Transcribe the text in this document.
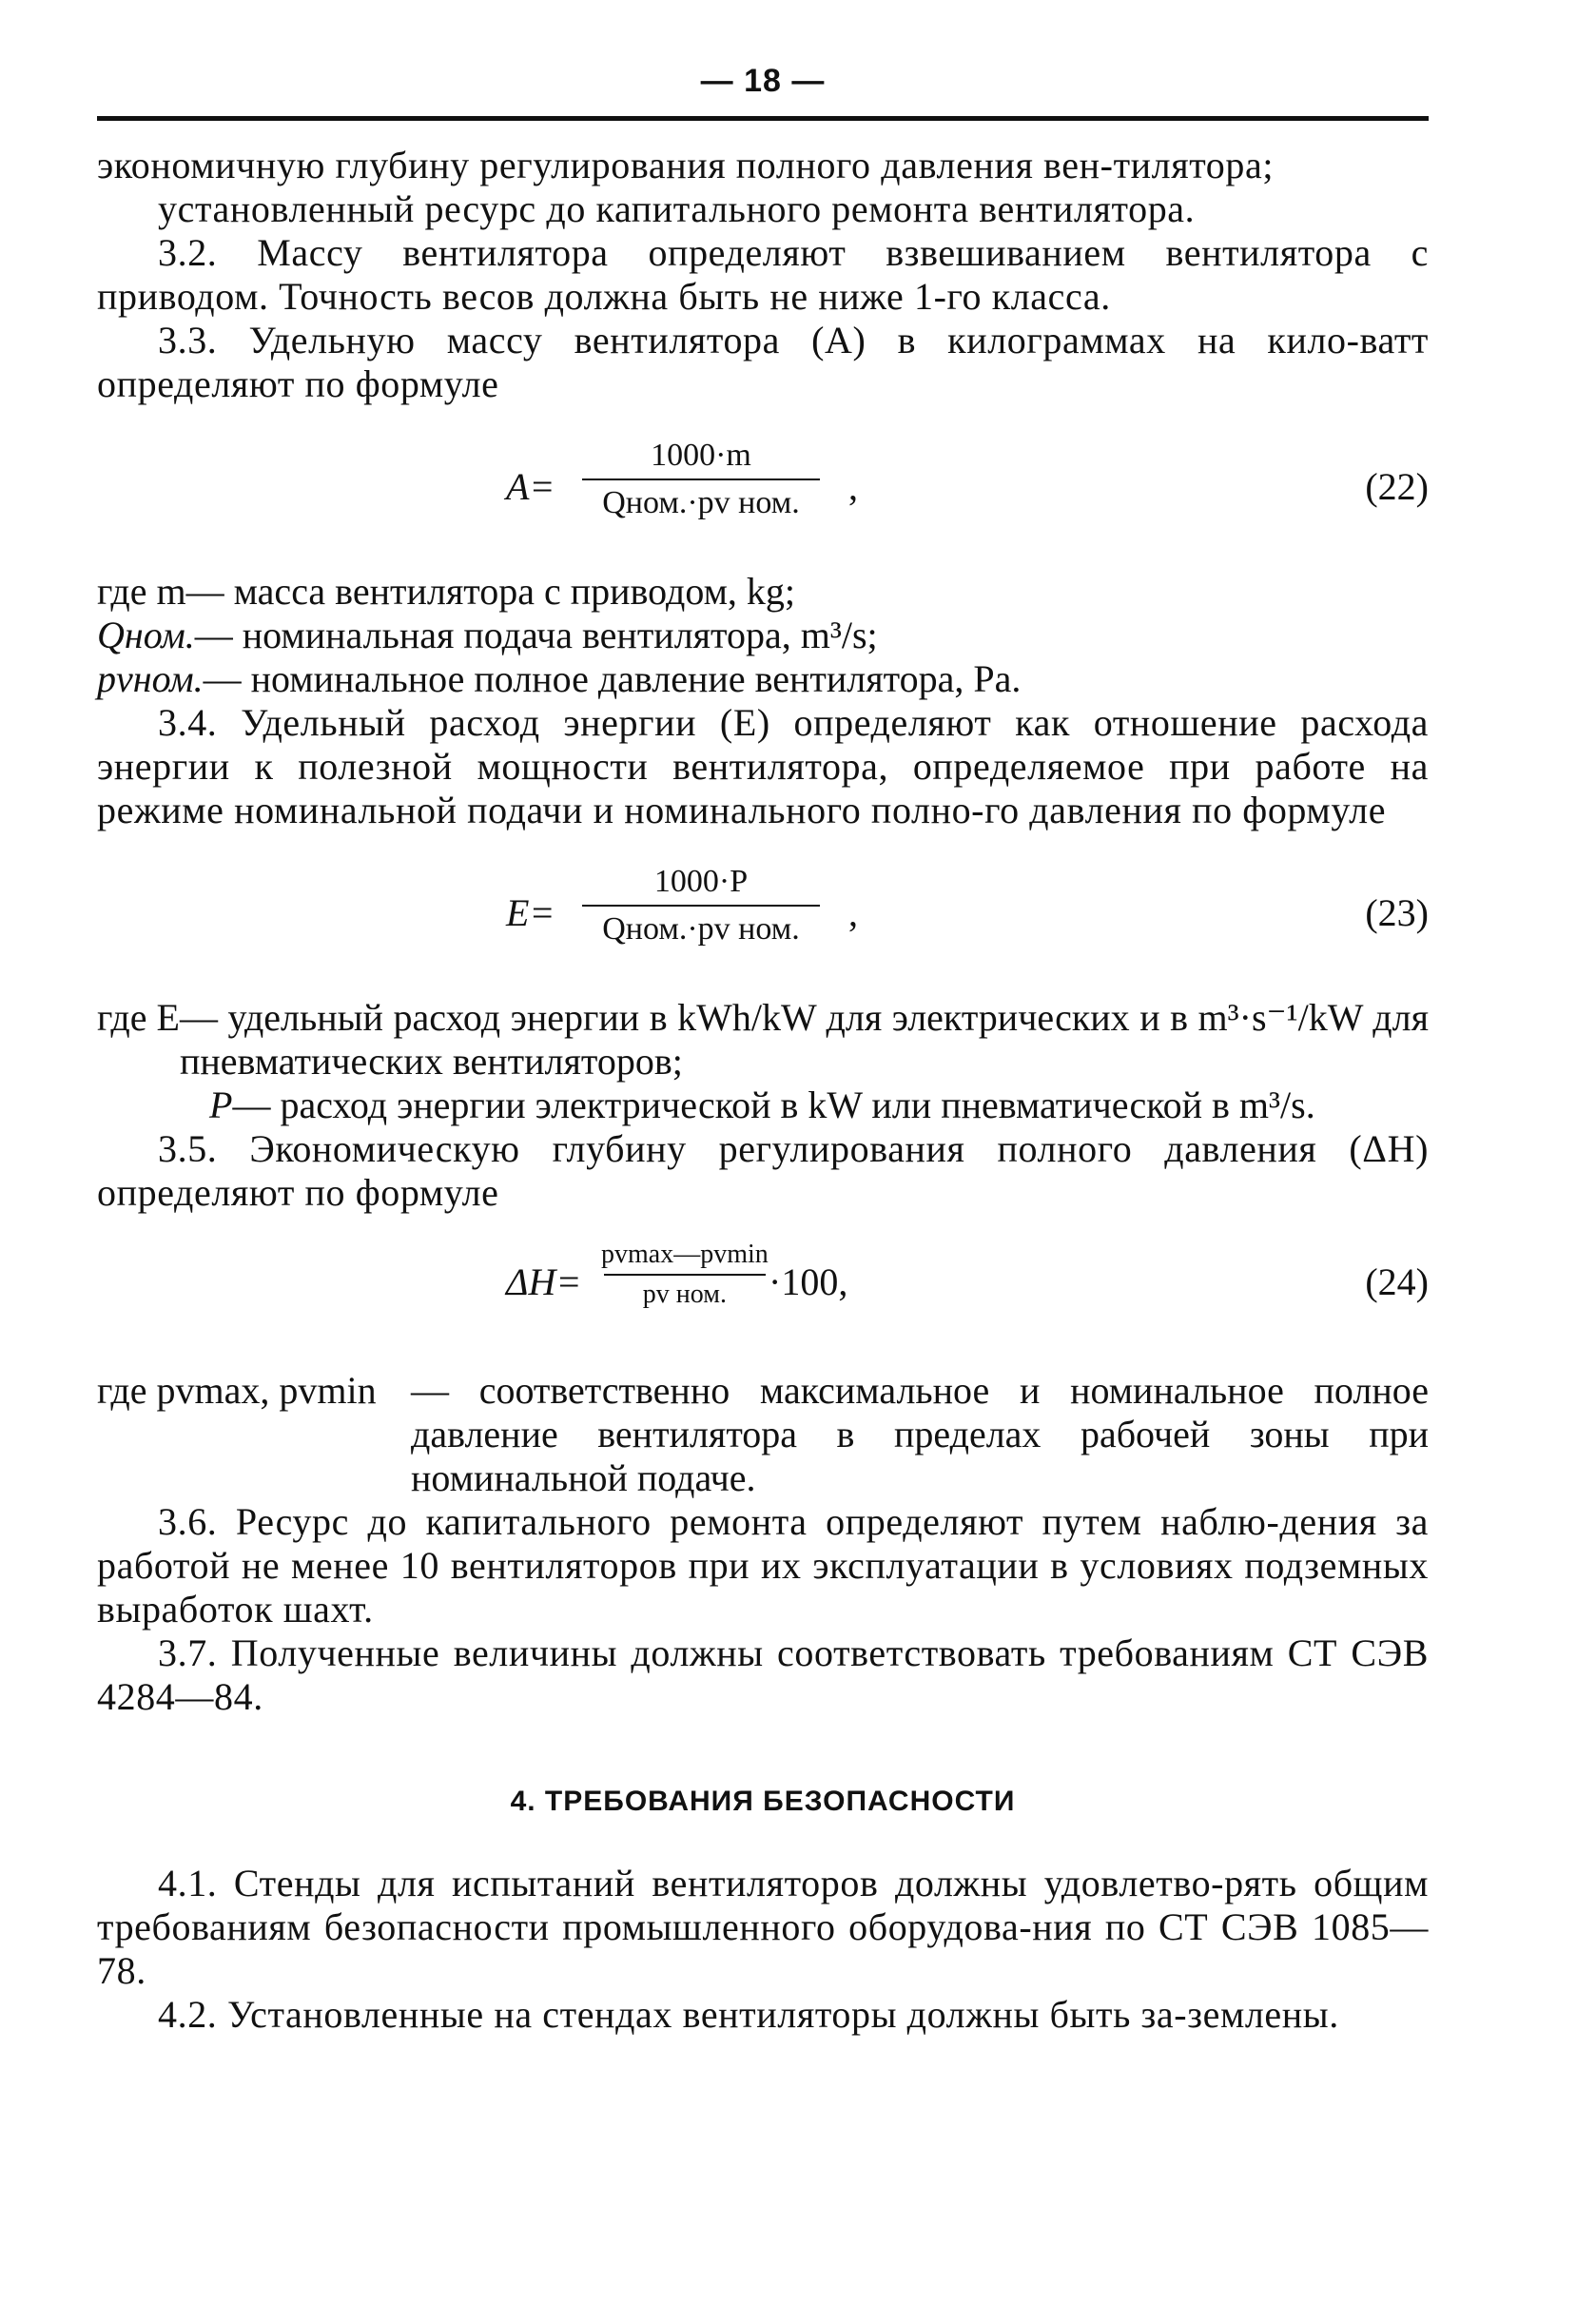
— 18 —

экономичную глубину регулирования полного давления вен-тилятора;

установленный ресурс до капитального ремонта вентилятора.

3.2. Массу вентилятора определяют взвешиванием вентилятора с приводом. Точность весов должна быть не ниже 1-го класса.

3.3. Удельную массу вентилятора (A) в килограммах на кило-ватт определяют по формуле

A=
1000·m
Qном.·pv ном. ,	(22)
где m — масса вентилятора с приводом, kg;
Qном. — номинальная подача вентилятора, m³/s;
pvном. — номинальное полное давление вентилятора, Pa.

3.4. Удельный расход энергии (E) определяют как отношение расхода энергии к полезной мощности вентилятора, определяемое при работе на режиме номинальной подачи и номинального полно-го давления по формуле

E=
1000·P
Qном.·pv ном. ,	(23)
где E — удельный расход энергии в kWh/kW для электрических и в m³·s⁻¹/kW для пневматических вентиляторов;
P — расход энергии электрической в kW или пневматической в m³/s.

3.5. Экономическую глубину регулирования полного давления (ΔH) определяют по формуле

ΔH=
pvmax—pvmin
pv ном. ·100,	(24)
где pvmax, pvmin — соответственно максимальное и номинальное полное давление вентилятора в пределах рабочей зоны при номинальной подаче.

3.6. Ресурс до капитального ремонта определяют путем наблю-дения за работой не менее 10 вентиляторов при их эксплуатации в условиях подземных выработок шахт.

3.7. Полученные величины должны соответствовать требованиям СТ СЭВ 4284—84.

4. ТРЕБОВАНИЯ БЕЗОПАСНОСТИ

4.1. Стенды для испытаний вентиляторов должны удовлетво-рять общим требованиям безопасности промышленного оборудова-ния по СТ СЭВ 1085—78.

4.2. Установленные на стендах вентиляторы должны быть за-землены.
